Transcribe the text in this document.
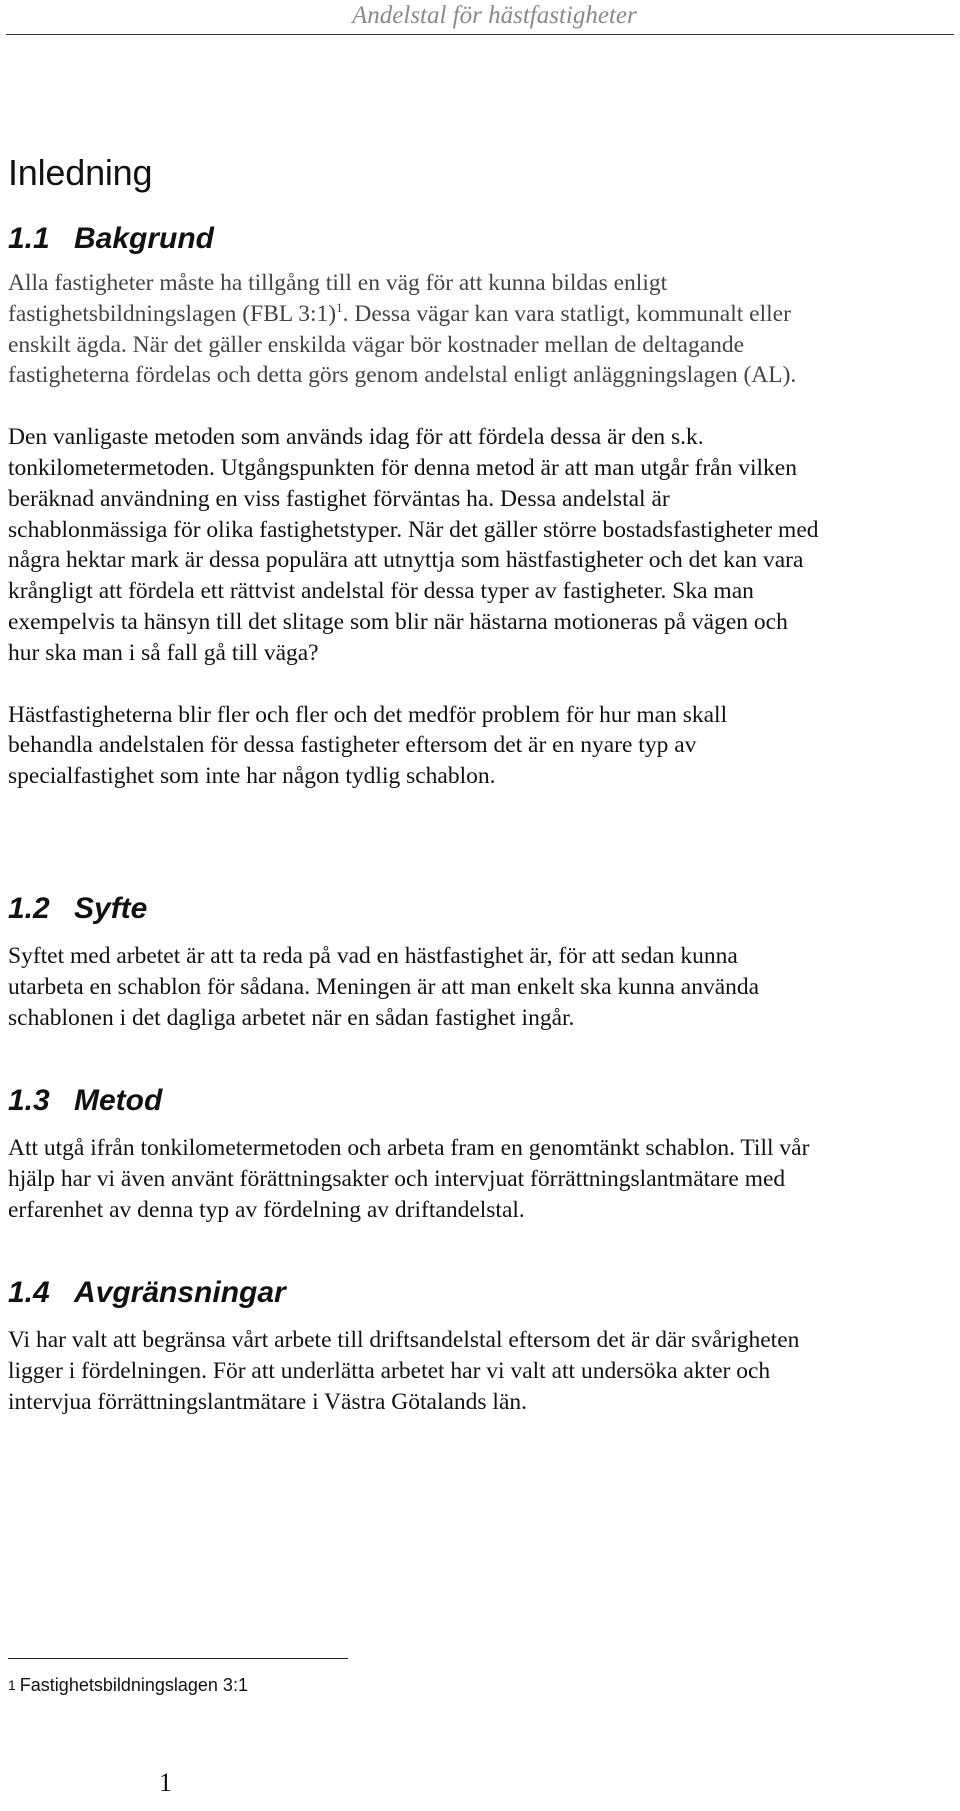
Andelstal för hästfastigheter
Inledning
1.1 Bakgrund

Alla fastigheter måste ha tillgång till en väg för att kunna bildas enligt
fastighetsbildningslagen (FBL 3:1)$^1$. Dessa vägar kan vara statligt, kommunalt eller
enskilt ägda. När det gäller enskilda vägar bör kostnader mellan de deltagande
fastigheterna fördelas och detta görs genom andelstal enligt anläggningslagen (AL).

Den vanligaste metoden som används idag för att fördela dessa är den s.k.
tonkilometermetoden. Utgångspunkten för denna metod är att man utgår från vilken
beräknad användning en viss fastighet förväntas ha. Dessa andelstal är
schablonmässiga för olika fastighetstyper. När det gäller större bostadsfastigheter med
några hektar mark är dessa populära att utnyttja som hästfastigheter och det kan vara
krångligt att fördela ett rättvist andelstal för dessa typer av fastigheter. Ska man
exempelvis ta hänsyn till det slitage som blir när hästarna motioneras på vägen och
hur ska man i så fall gå till väga?

Hästfastigheterna blir fler och fler och det medför problem för hur man skall
behandla andelstalen för dessa fastigheter eftersom det är en nyare typ av
specialfastighet som inte har någon tydlig schablon.

1.2 Syfte

Syftet med arbetet är att ta reda på vad en hästfastighet är, för att sedan kunna
utarbeta en schablon för sådana. Meningen är att man enkelt ska kunna använda
schablonen i det dagliga arbetet när en sådan fastighet ingår.

1.3 Metod

Att utgå ifrån tonkilometermetoden och arbeta fram en genomtänkt schablon. Till vår
hjälp har vi även använt förättningsakter och intervjuat förrättningslantmätare med
erfarenhet av denna typ av fördelning av driftandelstal.

1.4 Avgränsningar

Vi har valt att begränsa vårt arbete till driftsandelstal eftersom det är där svårigheten
ligger i fördelningen. För att underlätta arbetet har vi valt att undersöka akter och
intervjua förrättningslantmätare i Västra Götalands län.

1 Fastighetsbildningslagen 3:1
1
